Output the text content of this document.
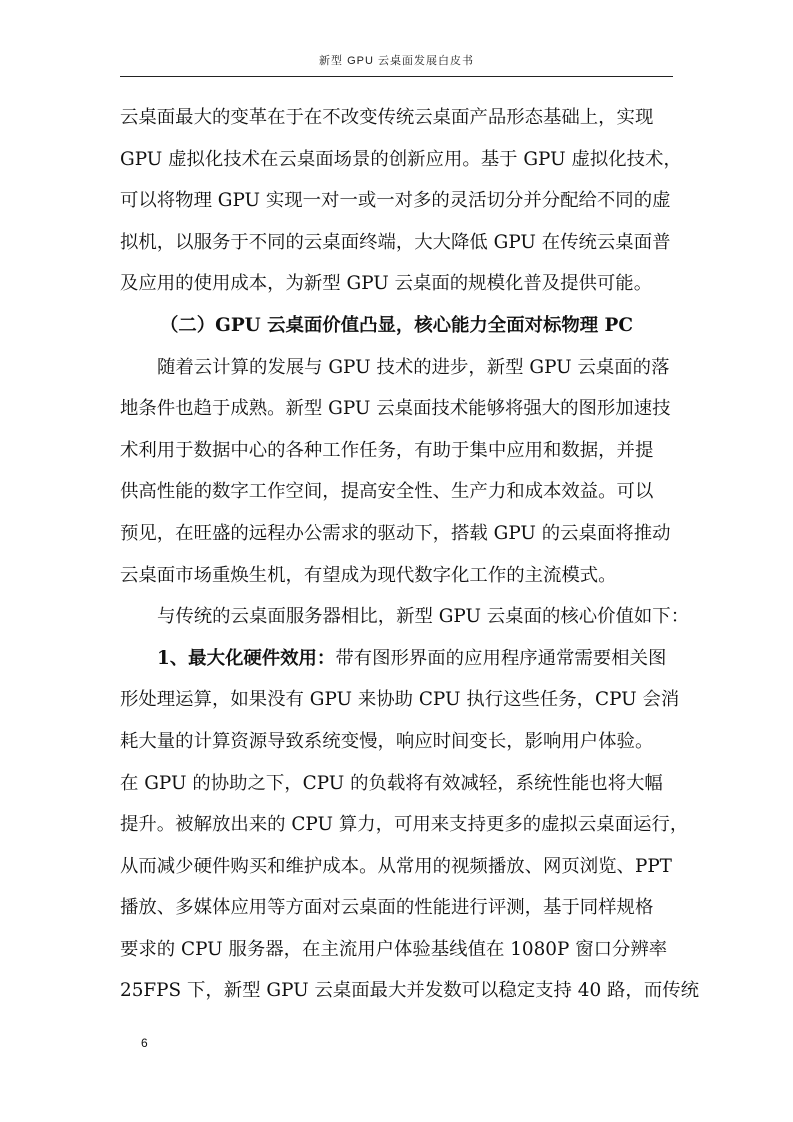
新型 GPU 云桌面发展白皮书

云桌面最大的变革在于在不改变传统云桌面产品形态基础上，实现
GPU 虚拟化技术在云桌面场景的创新应用。基于 GPU 虚拟化技术，
可以将物理 GPU 实现一对一或一对多的灵活切分并分配给不同的虚
拟机，以服务于不同的云桌面终端，大大降低 GPU 在传统云桌面普
及应用的使用成本，为新型 GPU 云桌面的规模化普及提供可能。

（二）GPU 云桌面价值凸显，核心能力全面对标物理 PC

随着云计算的发展与 GPU 技术的进步，新型 GPU 云桌面的落
地条件也趋于成熟。新型 GPU 云桌面技术能够将强大的图形加速技
术利用于数据中心的各种工作任务，有助于集中应用和数据，并提
供高性能的数字工作空间，提高安全性、生产力和成本效益。可以
预见，在旺盛的远程办公需求的驱动下，搭载 GPU 的云桌面将推动
云桌面市场重焕生机，有望成为现代数字化工作的主流模式。

与传统的云桌面服务器相比，新型 GPU 云桌面的核心价值如下：

1、最大化硬件效用：带有图形界面的应用程序通常需要相关图
形处理运算，如果没有 GPU 来协助 CPU 执行这些任务，CPU 会消
耗大量的计算资源导致系统变慢，响应时间变长，影响用户体验。
在 GPU 的协助之下，CPU 的负载将有效减轻，系统性能也将大幅
提升。被解放出来的 CPU 算力，可用来支持更多的虚拟云桌面运行，
从而减少硬件购买和维护成本。从常用的视频播放、网页浏览、PPT
播放、多媒体应用等方面对云桌面的性能进行评测，基于同样规格
要求的 CPU 服务器，在主流用户体验基线值在 1080P 窗口分辨率
25FPS 下，新型 GPU 云桌面最大并发数可以稳定支持 40 路，而传统

6
